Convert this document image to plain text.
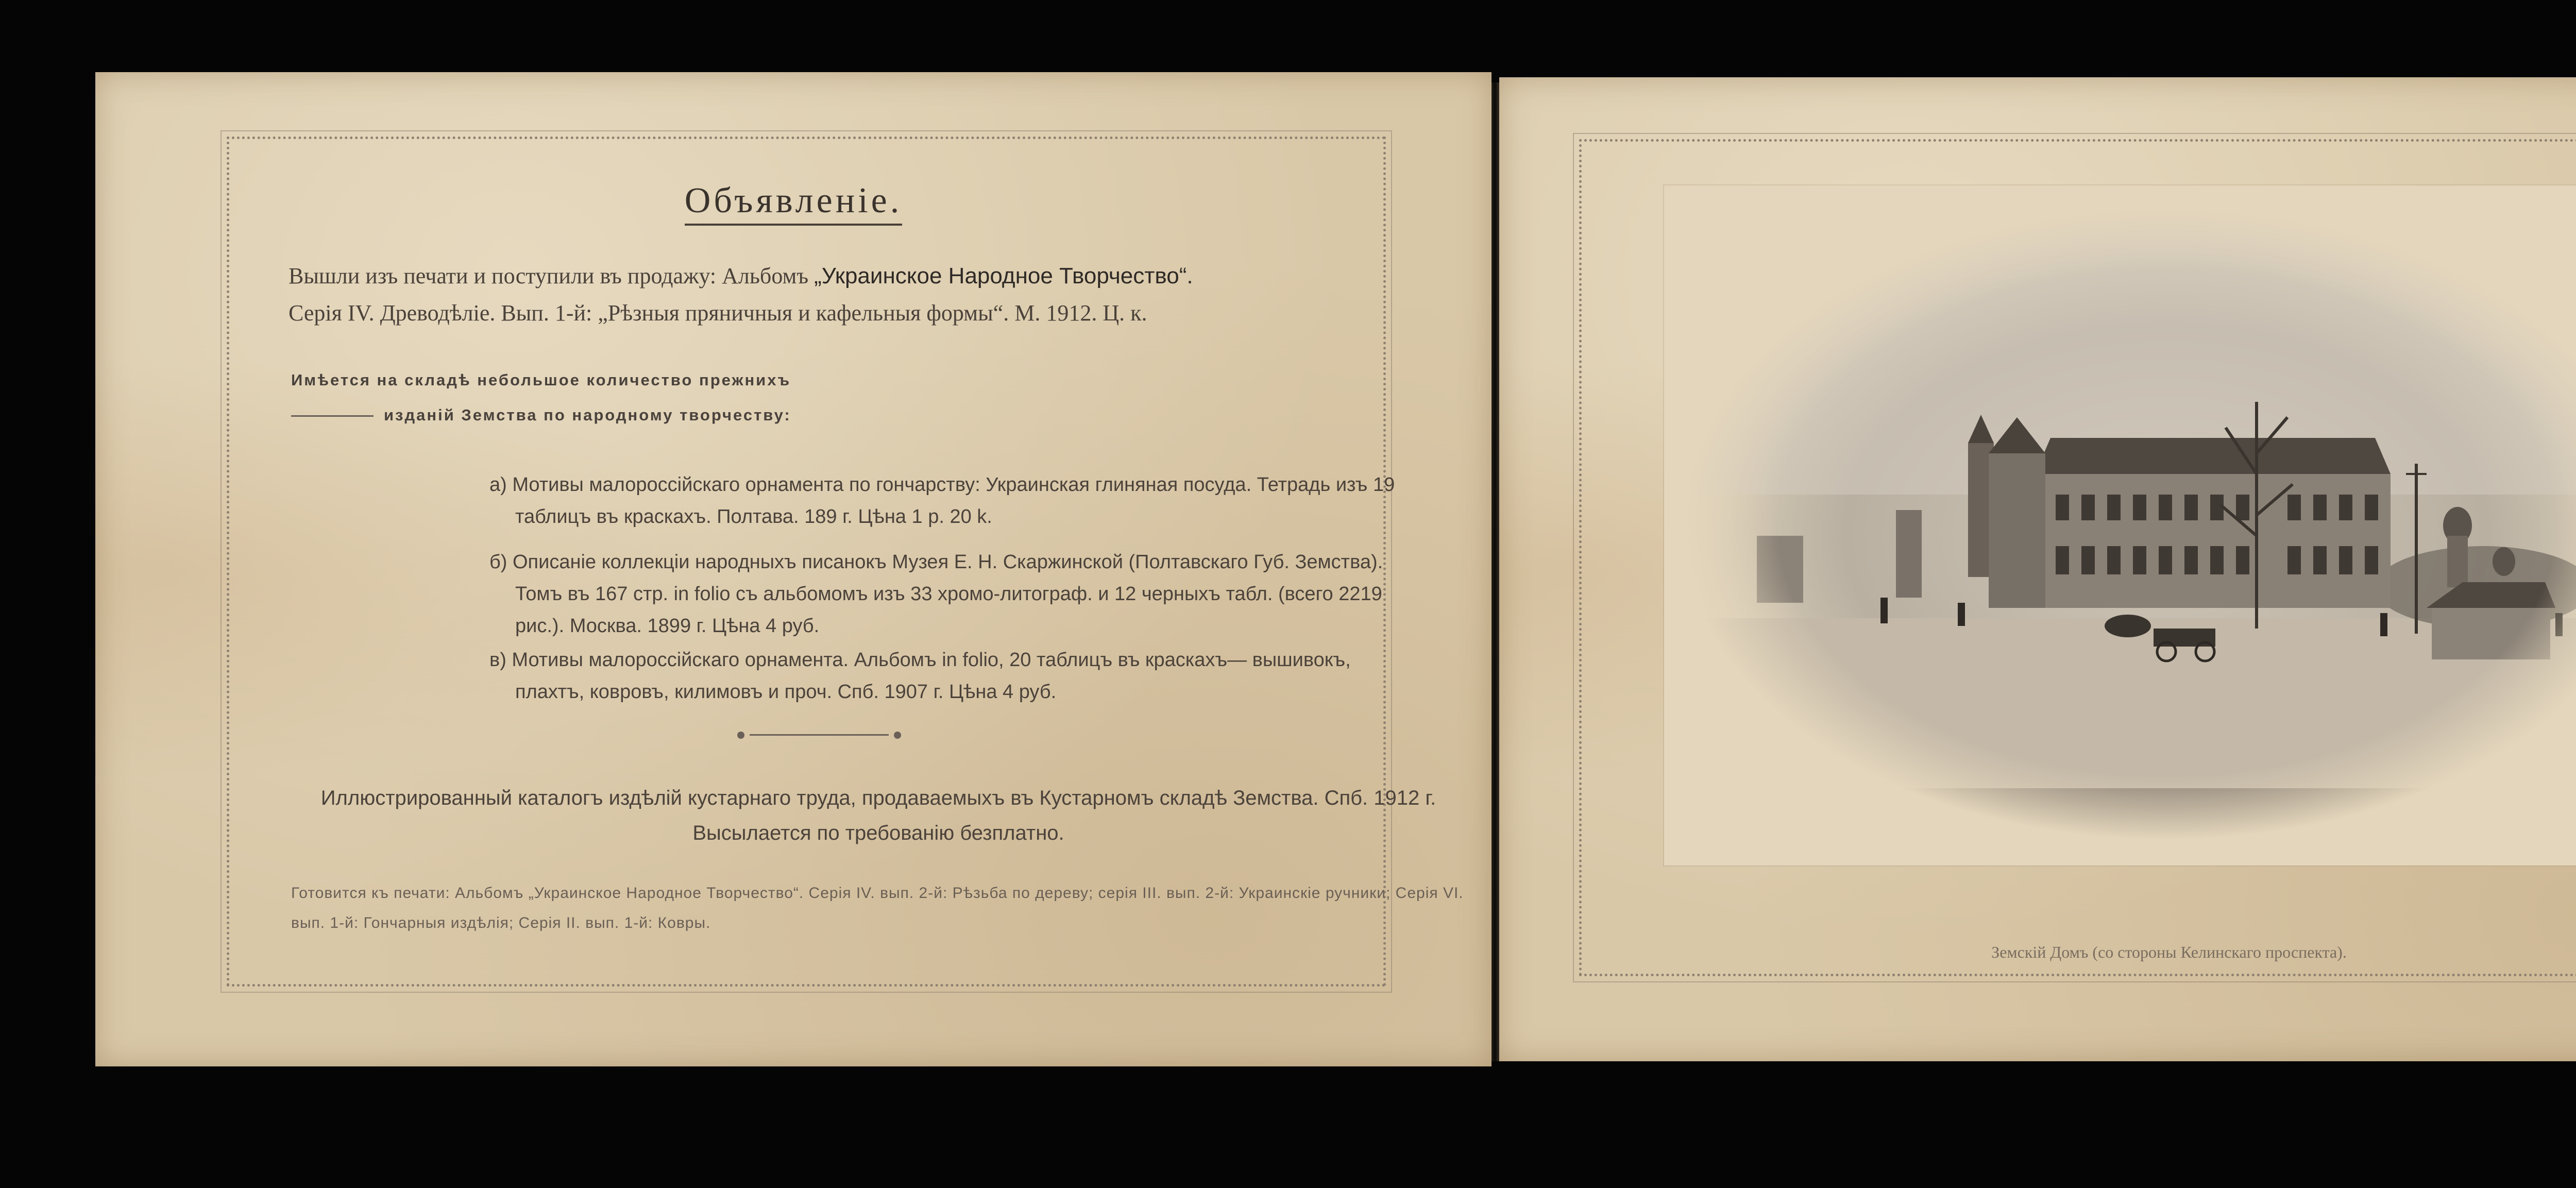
Объявленіе.
Вышли изъ печати и поступили въ продажу: Альбомъ „Украинское Народное Творчество“.
Серія IV. Древодѣліе. Вып. 1-й: „Рѣзныя пряничныя и кафельныя формы“. М. 1912. Ц. к.
Имѣется на складѣ небольшое количество прежнихъ
изданій Земства по народному творчеству:
а) Мотивы малороссійскаго орнамента по гончарству: Украинская глиняная посуда. Тетрадь изъ 19 таблицъ въ краскахъ. Полтава. 189 г. Цѣна 1 р. 20 k.
б) Описаніе коллекціи народныхъ писанокъ Музея Е. Н. Скаржинской (Полтавскаго Губ. Земства). Томъ въ 167 стр. in folio съ альбомомъ изъ 33 хромо-литограф. и 12 черныхъ табл. (всего 2219 рис.). Москва. 1899 г. Цѣна 4 руб.
в) Мотивы малороссійскаго орнамента. Альбомъ in folio, 20 таблицъ въ краскахъ— вышивокъ, плахтъ, ковровъ, килимовъ и проч. Спб. 1907 г. Цѣна 4 руб.
Иллюстрированный каталогъ издѣлій кустарнаго труда, продаваемыхъ въ Кустарномъ складѣ Земства. Спб. 1912 г. Высылается по требованію безплатно.
Готовится къ печати: Альбомъ „Украинское Народное Творчество“. Серія IV. вып. 2-й: Рѣзьба по дереву; серія III. вып. 2-й: Украинскіе ручники; Серія VI. вып. 1-й: Гончарныя издѣлія; Серія II. вып. 1-й: Ковры.
Земскій Домъ (со стороны Келинскаго проспекта).
